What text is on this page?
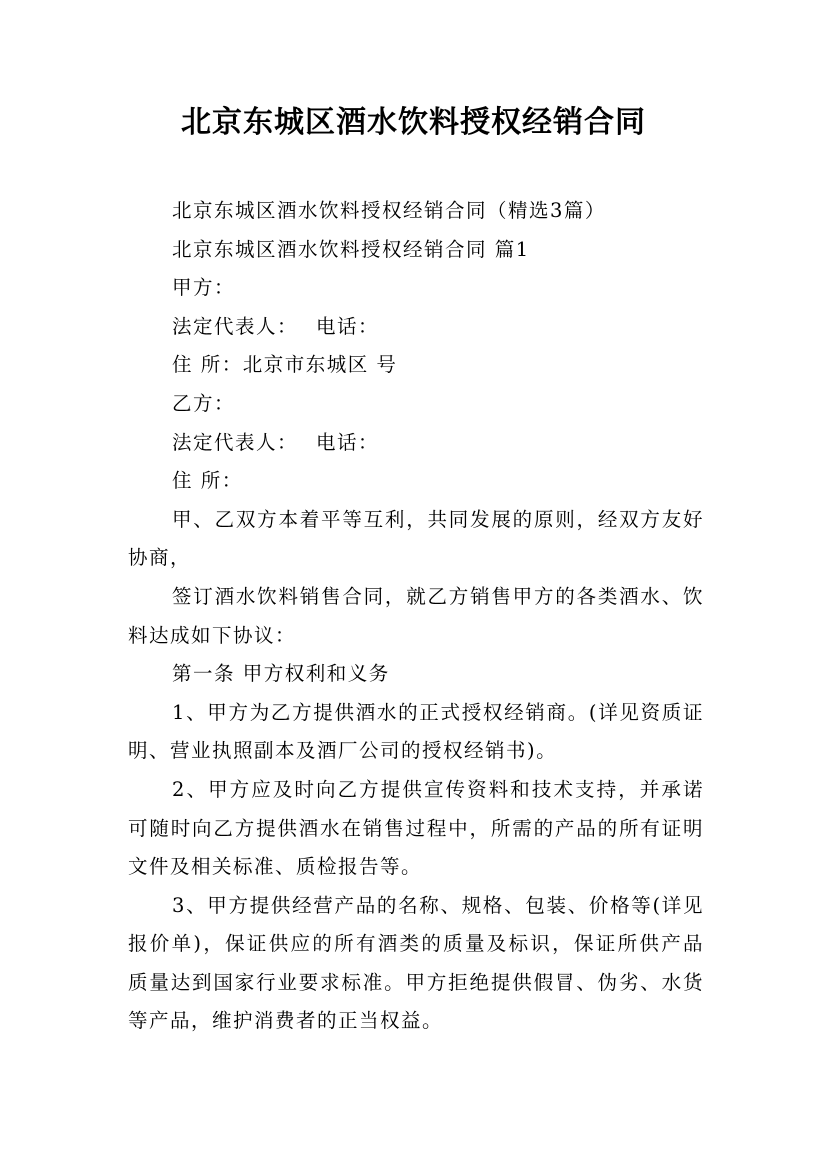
北京东城区酒水饮料授权经销合同

北京东城区酒水饮料授权经销合同（精选3篇）

北京东城区酒水饮料授权经销合同 篇1

甲方：

法定代表人： 电话：

住 所：北京市东城区 号

乙方：

法定代表人： 电话：

住 所：

甲、乙双方本着平等互利，共同发展的原则，经双方友好协商，

签订酒水饮料销售合同，就乙方销售甲方的各类酒水、饮料达成如下协议：

第一条 甲方权利和义务

1、甲方为乙方提供酒水的正式授权经销商。(详见资质证明、营业执照副本及酒厂公司的授权经销书)。

2、甲方应及时向乙方提供宣传资料和技术支持，并承诺可随时向乙方提供酒水在销售过程中，所需的产品的所有证明文件及相关标准、质检报告等。

3、甲方提供经营产品的名称、规格、包装、价格等(详见报价单)，保证供应的所有酒类的质量及标识，保证所供产品质量达到国家行业要求标准。甲方拒绝提供假冒、伪劣、水货等产品，维护消费者的正当权益。
